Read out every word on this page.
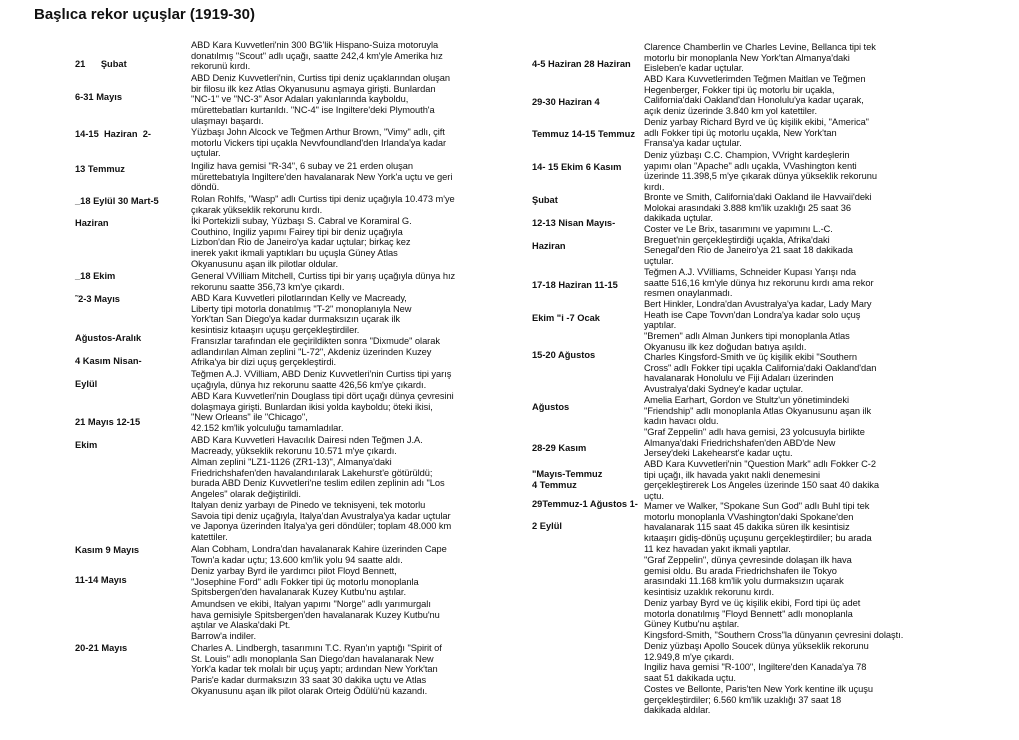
Başlıca rekor uçuşlar (1919-30)
21      Şubat
6-31 Mayıs
14-15  Haziran  2-
13 Temmuz
_18 Eylül 30 Mart-5
Haziran
_18 Ekim
˜2-3 Mayıs
Ağustos-Aralık
4 Kasım Nisan-
Eylül
21 Mayıs 12-15
Ekim
Kasım 9 Mayıs
11-14 Mayıs
20-21 Mayıs
ABD Kara Kuvvetleri'nin 300 BG'lik Hispano-Suiza motoruyla
donatılmış "Scout" adlı uçağı, saatte 242,4 km'yle Amerika hız
rekorunü kırdı.
ABD Deniz Kuvvetleri'nin, Curtiss tipi deniz uçaklarından oluşan
bir filosu ilk kez Atlas Okyanusunu aşmaya girişti. Bunlardan
"NC-1" ve "NC-3" Asor Adaları yakınlarında kayboldu,
mürettebatları kurtarıldı. "NC-4" ise Ingiltere'deki Plymouth'a
ulaşmayı başardı.
Yüzbaşı John Alcock ve Teğmen Arthur Brown, "Vimy" adlı, çift
motorlu Vickers tipi uçakla Nevvfoundland'den Irlanda'ya kadar
uçtular.
Ingiliz hava gemisi "R-34", 6 subay ve 21 erden oluşan
mürettebatıyla Ingiltere'den havalanarak New York'a uçtu ve geri
döndü.
Rolan Rohlfs, "Wasp" adlı Curtiss tipi deniz uçağıyla 10.473 m'ye
çıkarak yükseklik rekorunu kırdı.
İki Portekizli subay, Yüzbaşı S. Cabral ve Koramiral G.
Couthino, Ingiliz yapımı Fairey tipi bir deniz uçağıyla
Lizbon'dan Rio de Janeiro'ya kadar uçtular; birkaç kez
inerek yakıt ikmali yaptıkları bu uçuşla Güney Atlas
Okyanusunu aşan ilk pilotlar oldular.
General VVilliam Mitchell, Curtiss tipi bir yarış uçağıyla dünya hız
rekorunu saatte 356,73 km'ye çıkardı.
ABD Kara Kuvvetleri pilotlarından Kelly ve Macready,
Liberty tipi motorla donatılmış "T-2" monoplanıyla New
York'tan San Diego'ya kadar durmaksızın uçarak ilk
kesintisiz kıtaaşırı uçuşu gerçekleştirdiler.
Fransızlar tarafından ele geçirildikten sonra "Dixmude" olarak
adlandırılan Alman zeplini "L-72", Akdeniz üzerinden Kuzey
Afrika'ya bir dizi uçuş gerçekleştirdi.
Teğmen A.J. VVilliam, ABD Deniz Kuvvetleri'nin Curtiss tipi yarış
uçağıyla, dünya hız rekorunu saatte 426,56 km'ye çıkardı.
ABD Kara Kuvvetleri'nin Douglass tipi dört uçağı dünya çevresini
dolaşmaya girişti. Bunlardan ikisi yolda kayboldu; öteki ikisi,
"New Orleans" ile "Chicago",
42.152 km'lik yolculuğu tamamladılar.
ABD Kara Kuvvetleri Havacılık Dairesi nden Teğmen J.A.
Macready, yükseklik rekorunu 10.571 m'ye çıkardı.
Alman zeplini "LZ1-1126 (ZR1-13)", Almanya'daki
Friedrichshafen'den havalandırılarak Lakehurst'e götürüldü;
burada ABD Deniz Kuvvetleri'ne teslim edilen zeplinin adı "Los
Angeles" olarak değiştirildi.
Italyan deniz yarbayı de Pinedo ve teknisyeni, tek motorlu
Savoia tipi deniz uçağıyla, Italya'dan Avustralya'ya kadar uçtular
ve Japonya üzerinden Italya'ya geri döndüler; toplam 48.000 km
katettiler.
Alan Cobham, Londra'dan havalanarak Kahire üzerinden Cape
Town'a kadar uçtu; 13.600 km'lik yolu 94 saatte aldı.
Deniz yarbay Byrd ile yardımcı pilot Floyd Bennett,
"Josephine Ford" adlı Fokker tipi üç motorlu monoplanla
Spitsbergen'den havalanarak Kuzey Kutbu'nu aştılar.
Amundsen ve ekibi, Italyan yapımı "Norge" adlı yarımurgalı
hava gemisiyle Spitsbergen'den havalanarak Kuzey Kutbu'nu
aştılar ve Alaska'daki Pt.
Barrow'a indiler.
Charles A. Lindbergh, tasarımını T.C. Ryan'ın yaptığı "Spirit of
St. Louis" adlı monoplanla San Diego'dan havalanarak New
York'a kadar tek molalı bir uçuş yaptı; ardından New York'tan
Paris'e kadar durmaksızın 33 saat 30 dakika uçtu ve Atlas
Okyanusunu aşan ilk pilot olarak Orteig Ödülü'nü kazandı.
4-5 Haziran 28 Haziran
29-30 Haziran 4
Temmuz 14-15 Temmuz
14- 15 Ekim 6 Kasım
Şubat
12-13 Nisan Mayıs-
Haziran
17-18 Haziran 11-15
Ekim "i -7 Ocak
15-20 Ağustos
Ağustos
28-29 Kasım
"Mayıs-Temmuz
4 Temmuz
29Temmuz-1 Ağustos 1-
2 Eylül
Clarence Chamberlin ve Charles Levine, Bellanca tipi tek
motorlu bir monoplanla New York'tan Almanya'daki
Eisleben'e kadar uçtular.
ABD Kara Kuvvetlerimden Teğmen Maitlan ve Teğmen
Hegenberger, Fokker tipi üç motorlu bir uçakla,
California'daki Oakland'dan Honolulu'ya kadar uçarak,
açık deniz üzerinde 3.840 km yol katettiler.
Deniz yarbay Richard Byrd ve üç kişilik ekibi, "America"
adlı Fokker tipi üç motorlu uçakla, New York'tan
Fransa'ya kadar uçtular.
Deniz yüzbaşı C.C. Champion, VVright kardeşlerin
yapımı olan "Apache" adlı uçakla, VVashington kenti
üzerinde 11.398,5 m'ye çıkarak dünya yükseklik rekorunu
kırdı.
Bronte ve Smith, California'daki Oakland ile Havvaii'deki
Molokai arasındaki 3.888 km'lik uzaklığı 25 saat 36
dakikada uçtular.
Coster ve Le Brix, tasarımını ve yapımını L.-C.
Breguet'nin gerçekleştirdiği uçakla, Afrika'daki
Senegal'den Rio de Janeiro'ya 21 saat 18 dakikada
uçtular.
Teğmen A.J. VVilliams, Schneider Kupası Yarışı nda
saatte 516,16 km'yle dünya hız rekorunu kırdı ama rekor
resmen onaylanmadı.
Bert Hinkler, Londra'dan Avustralya'ya kadar, Lady Mary
Heath ise Cape Tovvn'dan Londra'ya kadar solo uçuş
yaptılar.
"Bremen" adlı Alman Junkers tipi monoplanla Atlas
Okyanusu ilk kez doğudan batıya aşıldı.
Charles Kingsford-Smith ve üç kişilik ekibi "Southern
Cross" adlı Fokker tipi uçakla California'daki Oakland'dan
havalanarak Honolulu ve Fiji Adaları üzerinden
Avustralya'daki Sydney'e kadar uçtular.
Amelia Earhart, Gordon ve Stultz'un yönetimindeki
"Friendship" adlı monoplanla Atlas Okyanusunu aşan ilk
kadın havacı oldu.
"Graf Zeppelin" adlı hava gemisi, 23 yolcusuyla birlikte
Almanya'daki Friedrichshafen'den ABD'de New
Jersey'deki Lakehearst'e kadar uçtu.
ABD Kara Kuvvetleri'nin "Question Mark" adlı Fokker C-2
tipi uçağı, ilk havada yakıt nakli denemesini
gerçekleştirerek Los Angeles üzerinde 150 saat 40 dakika
uçtu.
Mamer ve Walker, "Spokane Sun God" adlı Buhl tipi tek
motorlu monoplanla VVashington'daki Spokane'den
havalanarak 115 saat 45 dakika süren ilk kesintisiz
kıtaaşırı gidiş-dönüş uçuşunu gerçekleştirdiler; bu arada
11 kez havadan yakıt ikmali yaptılar.
"Graf Zeppelin", dünya çevresinde dolaşan ilk hava
gemisi oldu. Bu arada Friedrichshafen ile Tokyo
arasındaki 11.168 km'lik yolu durmaksızın uçarak
kesintisiz uzaklık rekorunu kırdı.
Deniz yarbay Byrd ve üç kişilik ekibi, Ford tipi üç adet
motorla donatılmış "Floyd Bennett" adlı monoplanla
Güney Kutbu'nu aştılar.
Kingsford-Smith, "Southern Cross"la dünyanın çevresini dolaştı.
Deniz yüzbaşı Apollo Soucek dünya yükseklik rekorunu
12.949,8 m'ye çıkardı.
Ingiliz hava gemisi "R-100", Ingiltere'den Kanada'ya 78
saat 51 dakikada uçtu.
Costes ve Bellonte, Paris'ten New York kentine ilk uçuşu
gerçekleştirdiler; 6.560 km'lik uzaklığı 37 saat 18
dakikada aldılar.
